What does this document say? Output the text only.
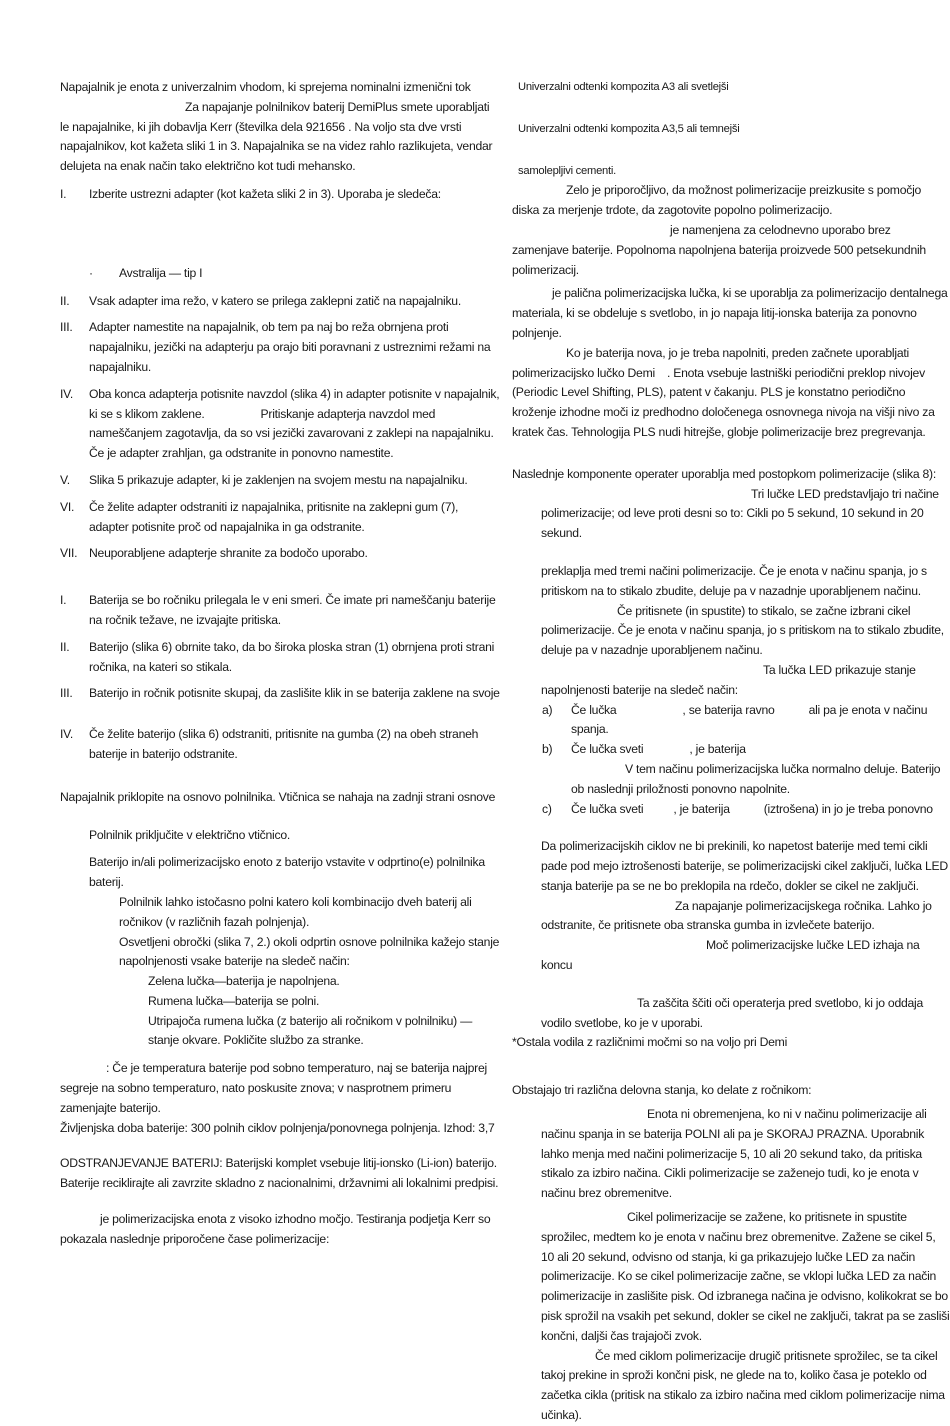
Napajalnik je enota z univerzalnim vhodom, ki sprejema nominalni izmenični tok

Za napajanje polnilnikov baterij DemiPlus smete uporabljati le napajalnike, ki jih dobavlja Kerr (številka dela 921656 . Na voljo sta dve vrsti napajalnikov, kot kažeta sliki 1 in 3. Napajalnika se na videz rahlo razlikujeta, vendar delujeta na enak način tako električno kot tudi mehansko.

I.	Izberite ustrezni adapter (kot kažeta sliki 2 in 3). Uporaba je sledeča:
·	Avstralija — tip I
II.	Vsak adapter ima režo, v katero se prilega zaklepni zatič na napajalniku.
III.	Adapter namestite na napajalnik, ob tem pa naj bo reža obrnjena proti napajalniku, jezički na adapterju pa orajo biti poravnani z ustreznimi režami na napajalniku.
IV.	Oba konca adapterja potisnite navzdol (slika 4) in adapter potisnite v napajalnik, ki se s klikom zaklene.	Pritiskanje adapterja navzdol med nameščanjem zagotavlja, da so vsi jezički zavarovani z zaklepi na napajalniku. Če je adapter zrahljan, ga odstranite in ponovno namestite.
V.	Slika 5 prikazuje adapter, ki je zaklenjen na svojem mestu na napajalniku.
VI.	Če želite adapter odstraniti iz napajalnika, pritisnite na zaklepni gum (7), adapter potisnite proč od napajalnika in ga odstranite.
VII. Neuporabljene adapterje shranite za bodočo uporabo.
I.	Baterija se bo ročniku prilegala le v eni smeri. Če imate pri nameščanju baterije na ročnik težave, ne izvajajte pritiska.
II.	Baterijo (slika 6) obrnite tako, da bo široka ploska stran (1) obrnjena proti strani ročnika, na kateri so stikala.
III.	Baterijo in ročnik potisnite skupaj, da zaslišite klik in se baterija zaklene na svoje
IV.	Če želite baterijo (slika 6) odstraniti, pritisnite na gumba (2) na obeh straneh baterije in baterijo odstranite.

Napajalnik priklopite na osnovo polnilnika. Vtičnica se nahaja na zadnji strani osnove

Polnilnik priključite v električno vtičnico.

Baterijo in/ali polimerizacijsko enoto z baterijo vstavite v odprtino(e) polnilnika baterij.

Polnilnik lahko istočasno polni katero koli kombinacijo dveh baterij ali ročnikov (v različnih fazah polnjenja).

Osvetljeni obročki (slika 7, 2.) okoli odprtin osnove polnilnika kažejo stanje napolnjenosti vsake baterije na sledeč način:

Zelena lučka—baterija je napolnjena.

Rumena lučka—baterija se polni.

Utripajoča rumena lučka (z baterijo ali ročnikom v polnilniku) — stanje okvare. Pokličite službo za stranke.

: Če je temperatura baterije pod sobno temperaturo, naj se baterija najprej segreje na sobno temperaturo, nato poskusite znova; v nasprotnem primeru zamenjajte baterijo.

Življenjska doba baterije: 300 polnih ciklov polnjenja/ponovnega polnjenja. Izhod: 3,7

ODSTRANJEVANJE BATERIJ: Baterijski komplet vsebuje litij-ionsko (Li-ion) baterijo. Baterije reciklirajte ali zavrzite skladno z nacionalnimi, državnimi ali lokalnimi predpisi.

je polimerizacijska enota z visoko izhodno močjo. Testiranja podjetja Kerr so pokazala naslednje priporočene čase polimerizacije:

Univerzalni odtenki kompozita A3 ali svetlejši

Univerzalni odtenki kompozita A3,5 ali temnejši

samolepljivi cementi.

Zelo je priporočljivo, da možnost polimerizacije preizkusite s pomočjo diska za merjenje trdote, da zagotovite popolno polimerizacijo.

je namenjena za celodnevno uporabo brez zamenjave baterije. Popolnoma napolnjena baterija proizvede 500 petsekundnih polimerizacij.

je palična polimerizacijska lučka, ki se uporablja za polimerizacijo dentalnega materiala, ki se obdeluje s svetlobo, in jo napaja litij-ionska baterija za ponovno polnjenje.

Ko je baterija nova, jo je treba napolniti, preden začnete uporabljati polimerizacijsko lučko Demi . Enota vsebuje lastniški periodični preklop nivojev (Periodic Level Shifting, PLS), patent v čakanju. PLS je konstatno periodično kroženje izhodne moči iz predhodno določenega osnovnega nivoja na višji nivo za kratek čas. Tehnologija PLS nudi hitrejše, globje polimerizacije brez pregrevanja.

Naslednje komponente operater uporablja med postopkom polimerizacije (slika 8):

Tri lučke LED predstavljajo tri načine polimerizacije; od leve proti desni so to: Cikli po 5 sekund, 10 sekund in 20 sekund.

preklaplja med tremi načini polimerizacije. Če je enota v načinu spanja, jo s pritiskom na to stikalo zbudite, deluje pa v nazadnje uporabljenem načinu.

Če pritisnete (in spustite) to stikalo, se začne izbrani cikel polimerizacije. Če je enota v načinu spanja, jo s pritiskom na to stikalo zbudite, deluje pa v nazadnje uporabljenem načinu.

Ta lučka LED prikazuje stanje napolnjenosti baterije na sledeč način:

a)	Če lučka	, se baterija ravno	ali pa je enota v načinu spanja.
b)	Če lučka sveti	, je baterija
V tem načinu polimerizacijska lučka normalno deluje. Baterijo ob naslednji priložnosti ponovno napolnite.
c)	Če lučka sveti , je baterija	(iztrošena) in jo je treba ponovno

Da polimerizacijskih ciklov ne bi prekinili, ko napetost baterije med temi cikli pade pod mejo iztrošenosti baterije, se polimerizacijski cikel zaključi, lučka LED stanja baterije pa se ne bo preklopila na rdečo, dokler se cikel ne zaključi.

Za napajanje polimerizacijskega ročnika. Lahko jo odstranite, če pritisnete oba stranska gumba in izvlečete baterijo.

Moč polimerizacijske lučke LED izhaja na koncu

Ta zaščita ščiti oči operaterja pred svetlobo, ki jo oddaja vodilo svetlobe, ko je v uporabi.

*Ostala vodila z različnimi močmi so na voljo pri Demi

Obstajajo tri različna delovna stanja, ko delate z ročnikom:

Enota ni obremenjena, ko ni v načinu polimerizacije ali načinu spanja in se baterija POLNI ali pa je SKORAJ PRAZNA. Uporabnik lahko menja med načini polimerizacije 5, 10 ali 20 sekund tako, da pritiska stikalo za izbiro načina. Cikli polimerizacije se zaženejo tudi, ko je enota v načinu brez obremenitve.

Cikel polimerizacije se zažene, ko pritisnete in spustite sprožilec, medtem ko je enota v načinu brez obremenitve. Zažene se cikel 5, 10 ali 20 sekund, odvisno od stanja, ki ga prikazujejo lučke LED za način polimerizacije. Ko se cikel polimerizacije začne, se vklopi lučka LED za način polimerizacije in zaslišite pisk. Od izbranega načina je odvisno, kolikokrat se bo pisk sprožil na vsakih pet sekund, dokler se cikel ne zaključi, takrat pa se zasliši končni, daljši čas trajajoči zvok.

Če med ciklom polimerizacije drugič pritisnete sprožilec, se ta cikel takoj prekine in sproži končni pisk, ne glede na to, koliko časa je poteklo od začetka cikla (pritisk na stikalo za izbiro načina med ciklom polimerizacije nima učinka).
